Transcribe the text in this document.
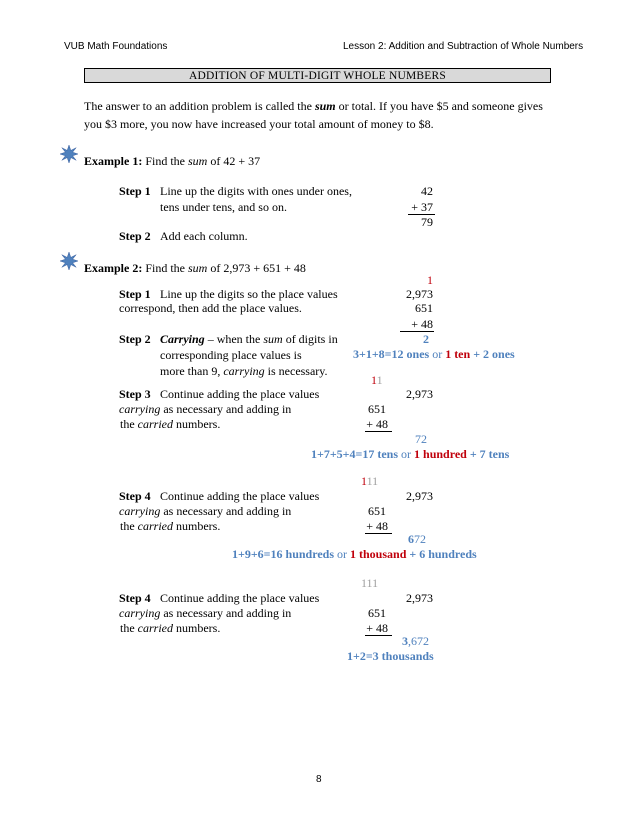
VUB Math Foundations	Lesson 2: Addition and Subtraction of Whole Numbers
ADDITION OF MULTI-DIGIT WHOLE NUMBERS
The answer to an addition problem is called the sum or total. If you have $5 and someone gives
you $3 more, you now have increased your total amount of money to $8.
Example 1: Find the sum of 42 + 37
Step 1 Line up the digits with ones under ones,
tens under tens, and so on.
Step 2 Add each column.
42
+ 37
79
Example 2: Find the sum of 2,973 + 651 + 48
1
Step 1 Line up the digits so the place values
correspond, then add the place values.
2,973
651
+ 48
Step 2 Carrying – when the sum of digits in
corresponding place values is
more than 9, carrying is necessary.
2
3+1+8=12 ones or 1 ten + 2 ones
11
Step 3 Continue adding the place values
carrying as necessary and adding in
the carried numbers.
2,973
651
+ 48
72
1+7+5+4=17 tens or 1 hundred + 7 tens
111
Step 4 Continue adding the place values
carrying as necessary and adding in
the carried numbers.
2,973
651
+ 48
672
1+9+6=16 hundreds or 1 thousand + 6 hundreds
111
Step 4 Continue adding the place values
carrying as necessary and adding in
the carried numbers.
2,973
651
+ 48
3,672
1+2=3 thousands
8
